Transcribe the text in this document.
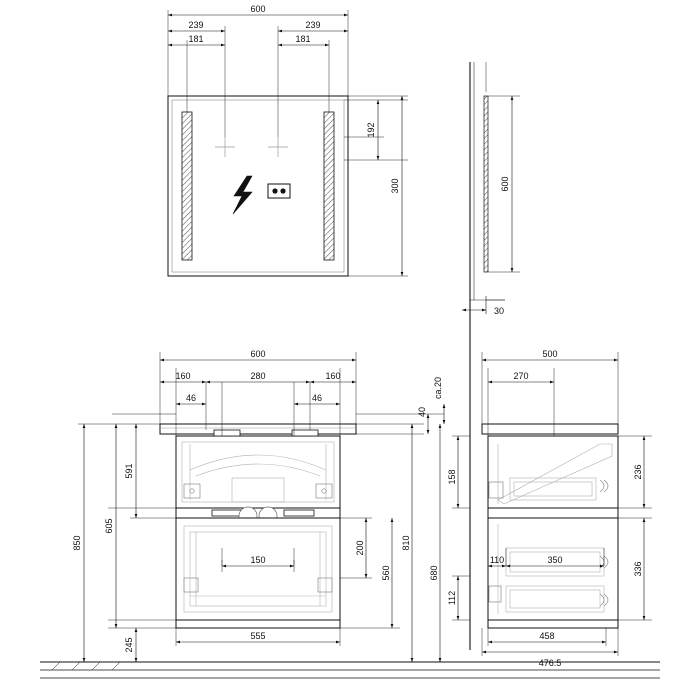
600
239	239
181	181
600
160	280	160
46	46
150
555
500
270
110	350
458
476.5
192
300	600
30
850
605
591
245
200
560
810
40
ca.20
236
336
158
112
680
